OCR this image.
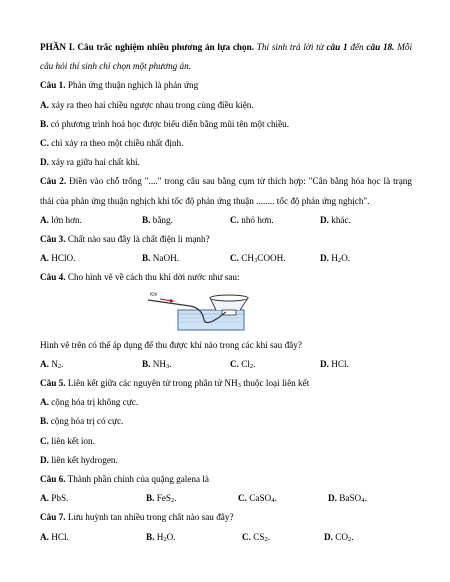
PHẦN I. Câu trắc nghiệm nhiều phương án lựa chọn. Thí sinh trả lời từ câu 1 đến câu 18. Mỗi câu hỏi thí sinh chỉ chọn một phương án.
Câu 1. Phản ứng thuận nghịch là phản ứng
A. xảy ra theo hai chiều ngược nhau trong cùng điều kiện.
B. có phương trình hoá học được biểu diễn bằng mũi tên một chiều.
C. chỉ xảy ra theo một chiều nhất định.
D. xảy ra giữa hai chất khí.
Câu 2. Điền vào chỗ trống "...." trong câu sau bằng cụm từ thích hợp: "Cân bằng hóa học là trạng thái của phản ứng thuận nghịch khi tốc độ phản ứng thuận ........ tốc độ phản ứng nghịch".
A. lớn hơn.	B. bằng.	C. nhỏ hơn.	D. khác.
Câu 3. Chất nào sau đây là chất điện li mạnh?
A. HClO.	B. NaOH.	C. $CH_3COOH$.	D. $H_2O$.
Câu 4. Cho hình vẽ về cách thu khí dời nước như sau:
Khí
Hình vẽ trên có thể áp dụng để thu được khí nào trong các khí sau đây?
A. $N_2$.	B. $NH_3$.	C. $Cl_2$.	D. HCl.
Câu 5. Liên kết giữa các nguyên tử trong phân tử $NH_3$ thuộc loại liên kết
A. cộng hóa trị không cực.
B. cộng hóa trị có cực.
C. liên kết ion.
D. liên kết hydrogen.
Câu 6. Thành phần chính của quặng galena là
A. PbS.	B. FeS$_2$.	C. CaSO$_4$.	D. BaSO$_4$.
Câu 7. Lưu huỳnh tan nhiều trong chất nào sau đây?
A. HCl.	B. $H_2O$.	C. $CS_2$.	D. $CO_2$.
